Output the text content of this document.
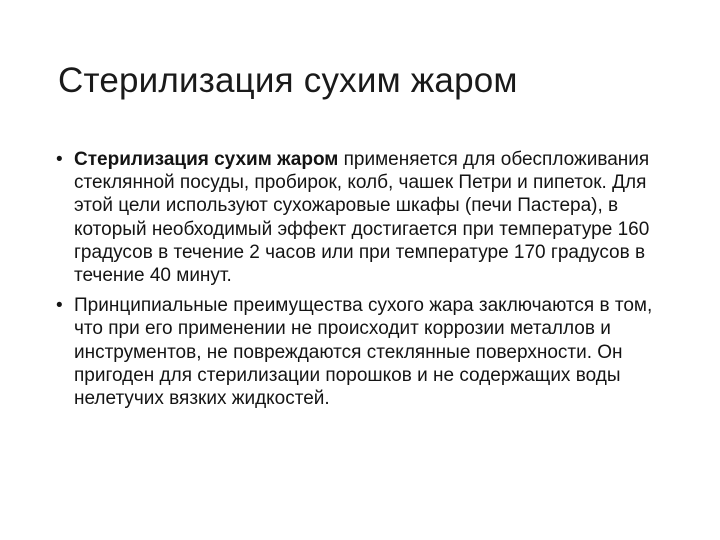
Стерилизация сухим жаром
• Стерилизация сухим жаром применяется для обеспложивания стеклянной посуды, пробирок, колб, чашек Петри и пипеток. Для этой цели используют сухожаровые шкафы (печи Пастера), в который необходимый эффект достигается при температуре 160 градусов в течение 2 часов или при температуре 170 градусов в течение 40 минут.
• Принципиальные преимущества сухого жара заключаются в том, что при его применении не происходит коррозии металлов и инструментов, не повреждаются стеклянные поверхности. Он пригоден для стерилизации порошков и не содержащих воды нелетучих вязких жидкостей.
